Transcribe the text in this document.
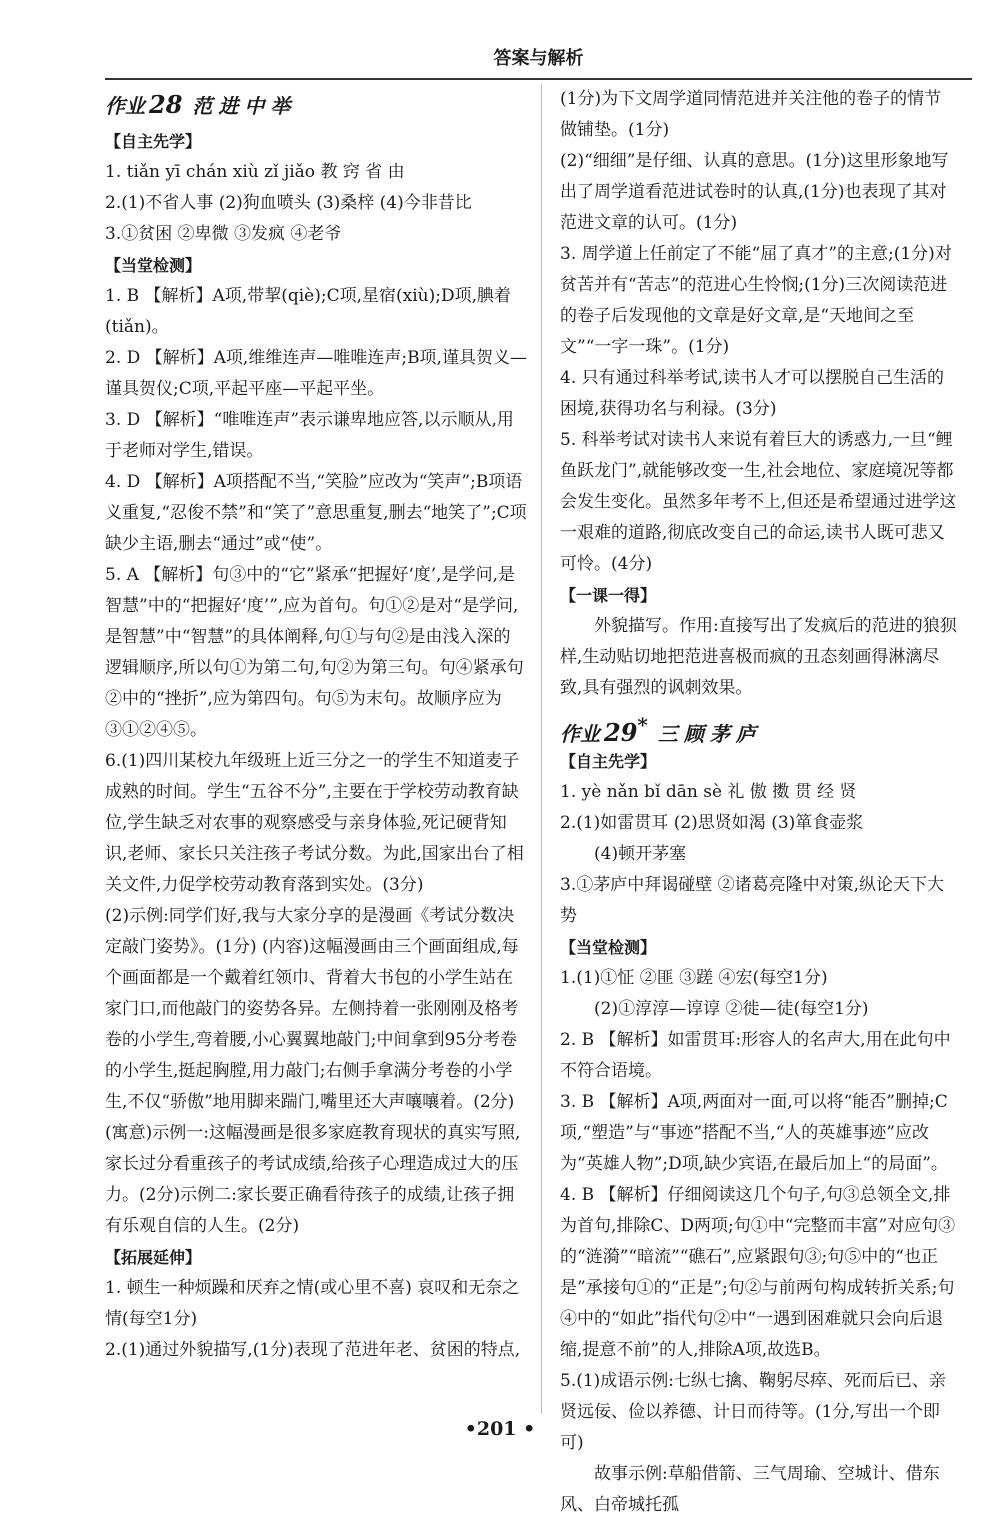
答案与解析
作业 28 范进中举
【自主先学】

1. tiǎn yī chán xiù zǐ jiǎo 教 窍 省 由

2.(1)不省人事 (2)狗血喷头 (3)桑梓 (4)今非昔比

3.①贫困 ②卑微 ③发疯 ④老爷

【当堂检测】

1. B 【解析】A项,带挈(qiè);C项,星宿(xiù);D项,腆着(tiǎn)。

2. D 【解析】A项,维维连声—唯唯连声;B项,谨具贺义—谨具贺仪;C项,平起平座—平起平坐。

3. D 【解析】“唯唯连声”表示谦卑地应答,以示顺从,用于老师对学生,错误。

4. D 【解析】A项搭配不当,“笑脸”应改为“笑声”;B项语义重复,“忍俊不禁”和“笑了”意思重复,删去“地笑了”;C项缺少主语,删去“通过”或“使”。

5. A 【解析】句③中的“它”紧承“把握好‘度’,是学问,是智慧”中的“把握好‘度’”,应为首句。句①②是对“是学问,是智慧”中“智慧”的具体阐释,句①与句②是由浅入深的逻辑顺序,所以句①为第二句,句②为第三句。句④紧承句②中的“挫折”,应为第四句。句⑤为末句。故顺序应为③①②④⑤。

6.(1)四川某校九年级班上近三分之一的学生不知道麦子成熟的时间。学生“五谷不分”,主要在于学校劳动教育缺位,学生缺乏对农事的观察感受与亲身体验,死记硬背知识,老师、家长只关注孩子考试分数。为此,国家出台了相关文件,力促学校劳动教育落到实处。(3分)

(2)示例:同学们好,我与大家分享的是漫画《考试分数决定敲门姿势》。(1分) (内容)这幅漫画由三个画面组成,每个画面都是一个戴着红领巾、背着大书包的小学生站在家门口,而他敲门的姿势各异。左侧持着一张刚刚及格考卷的小学生,弯着腰,小心翼翼地敲门;中间拿到95分考卷的小学生,挺起胸膛,用力敲门;右侧手拿满分考卷的小学生,不仅“骄傲”地用脚来踹门,嘴里还大声嚷嚷着。(2分) (寓意)示例一:这幅漫画是很多家庭教育现状的真实写照,家长过分看重孩子的考试成绩,给孩子心理造成过大的压力。(2分)示例二:家长要正确看待孩子的成绩,让孩子拥有乐观自信的人生。(2分)

【拓展延伸】

1. 顿生一种烦躁和厌弃之情(或心里不喜) 哀叹和无奈之情(每空1分)

2.(1)通过外貌描写,(1分)表现了范进年老、贫困的特点,

(1分)为下文周学道同情范进并关注他的卷子的情节做铺垫。(1分)

(2)“细细”是仔细、认真的意思。(1分)这里形象地写出了周学道看范进试卷时的认真,(1分)也表现了其对范进文章的认可。(1分)

3. 周学道上任前定了不能“屈了真才”的主意;(1分)对贫苦并有“苦志”的范进心生怜悯;(1分)三次阅读范进的卷子后发现他的文章是好文章,是“天地间之至文”“一字一珠”。(1分)

4. 只有通过科举考试,读书人才可以摆脱自己生活的困境,获得功名与利禄。(3分)

5. 科举考试对读书人来说有着巨大的诱惑力,一旦“鲤鱼跃龙门”,就能够改变一生,社会地位、家庭境况等都会发生变化。虽然多年考不上,但还是希望通过进学这一艰难的道路,彻底改变自己的命运,读书人既可悲又可怜。(4分)

【一课一得】

外貌描写。作用:直接写出了发疯后的范进的狼狈样,生动贴切地把范进喜极而疯的丑态刻画得淋漓尽致,具有强烈的讽刺效果。

作业 29* 三顾茅庐
【自主先学】

1. yè nǎn bǐ dān sè 礼 傲 擞 贯 经 贤

2.(1)如雷贯耳 (2)思贤如渴 (3)箪食壶浆

(4)顿开茅塞

3.①茅庐中拜谒碰壁 ②诸葛亮隆中对策,纵论天下大势

【当堂检测】

1.(1)①怔 ②匪 ③蹉 ④宏(每空1分)

(2)①淳淳—谆谆 ②徙—徒(每空1分)

2. B 【解析】如雷贯耳:形容人的名声大,用在此句中不符合语境。

3. B 【解析】A项,两面对一面,可以将“能否”删掉;C项,“塑造”与“事迹”搭配不当,“人的英雄事迹”应改为“英雄人物”;D项,缺少宾语,在最后加上“的局面”。

4. B 【解析】仔细阅读这几个句子,句③总领全文,排为首句,排除C、D两项;句①中“完整而丰富”对应句③的“涟漪”“暗流”“礁石”,应紧跟句③;句⑤中的“也正是”承接句①的“正是”;句②与前两句构成转折关系;句④中的“如此”指代句②中“一遇到困难就只会向后退缩,提意不前”的人,排除A项,故选B。

5.(1)成语示例:七纵七擒、鞠躬尽瘁、死而后已、亲贤远佞、俭以养德、计日而待等。(1分,写出一个即可)

故事示例:草船借箭、三气周瑜、空城计、借东风、白帝城托孤

•201 •
